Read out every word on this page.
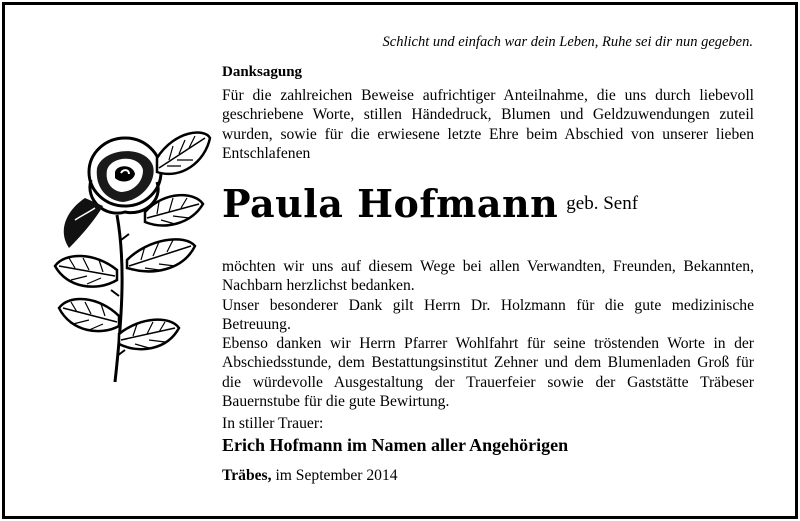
Schlicht und einfach war dein Leben, Ruhe sei dir nun gegeben.
Danksagung
Für die zahlreichen Beweise aufrichtiger Anteilnahme, die uns durch liebevoll geschriebene Worte, stillen Händedruck, Blumen und Geldzuwendungen zuteil wurden, sowie für die erwiesene letzte Ehre beim Abschied von unserer lieben Entschlafenen
Paula Hofmann geb. Senf
möchten wir uns auf diesem Wege bei allen Verwandten, Freunden, Bekannten, Nachbarn herzlichst bedanken.
Unser besonderer Dank gilt Herrn Dr. Holzmann für die gute medizinische Betreuung.
Ebenso danken wir Herrn Pfarrer Wohlfahrt für seine tröstenden Worte in der Abschiedsstunde, dem Bestattungsinstitut Zehner und dem Blumenladen Groß für die würdevolle Ausgestaltung der Trauerfeier sowie der Gaststätte Träbeser Bauernstube für die gute Bewirtung.
In stiller Trauer:
Erich Hofmann im Namen aller Angehörigen
Träbes, im September 2014
